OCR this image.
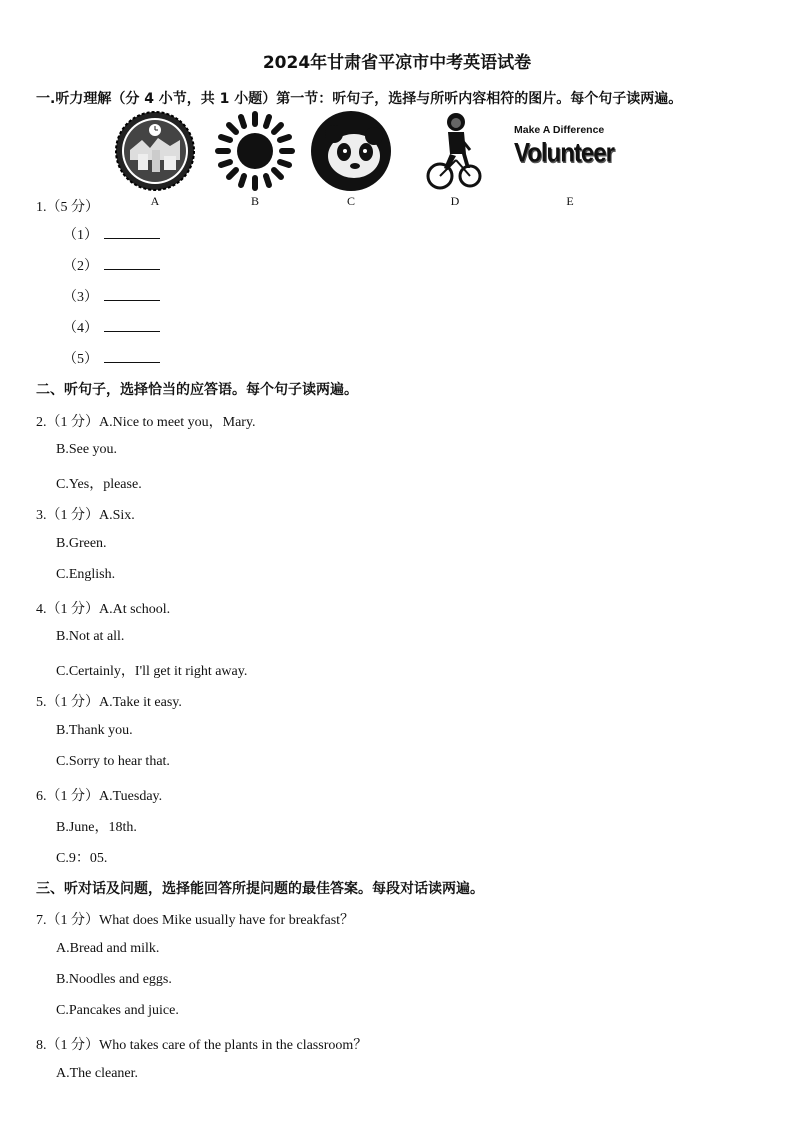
2024年甘肃省平凉市中考英语试卷
一.听力理解（分 4 小节，共 1 小题）第一节：听句子，选择与所听内容相符的图片。每个句子读两遍。
A	B	C	D
Make A Difference
Volunteer
E
1.（5 分）
（1）
（2）
（3）
（4）
（5）
二、听句子，选择恰当的应答语。每个句子读两遍。
2.（1 分）A.Nice to meet you，Mary.
B.See you.
C.Yes，please.
3.（1 分）A.Six.
B.Green.
C.English.
4.（1 分）A.At school.
B.Not at all.
C.Certainly，I'll get it right away.
5.（1 分）A.Take it easy.
B.Thank you.
C.Sorry to hear that.
6.（1 分）A.Tuesday.
B.June，18th.
C.9：05.
三、听对话及问题，选择能回答所提问题的最佳答案。每段对话读两遍。
7.（1 分）What does Mike usually have for breakfast？
A.Bread and milk.
B.Noodles and eggs.
C.Pancakes and juice.
8.（1 分）Who takes care of the plants in the classroom？
A.The cleaner.
